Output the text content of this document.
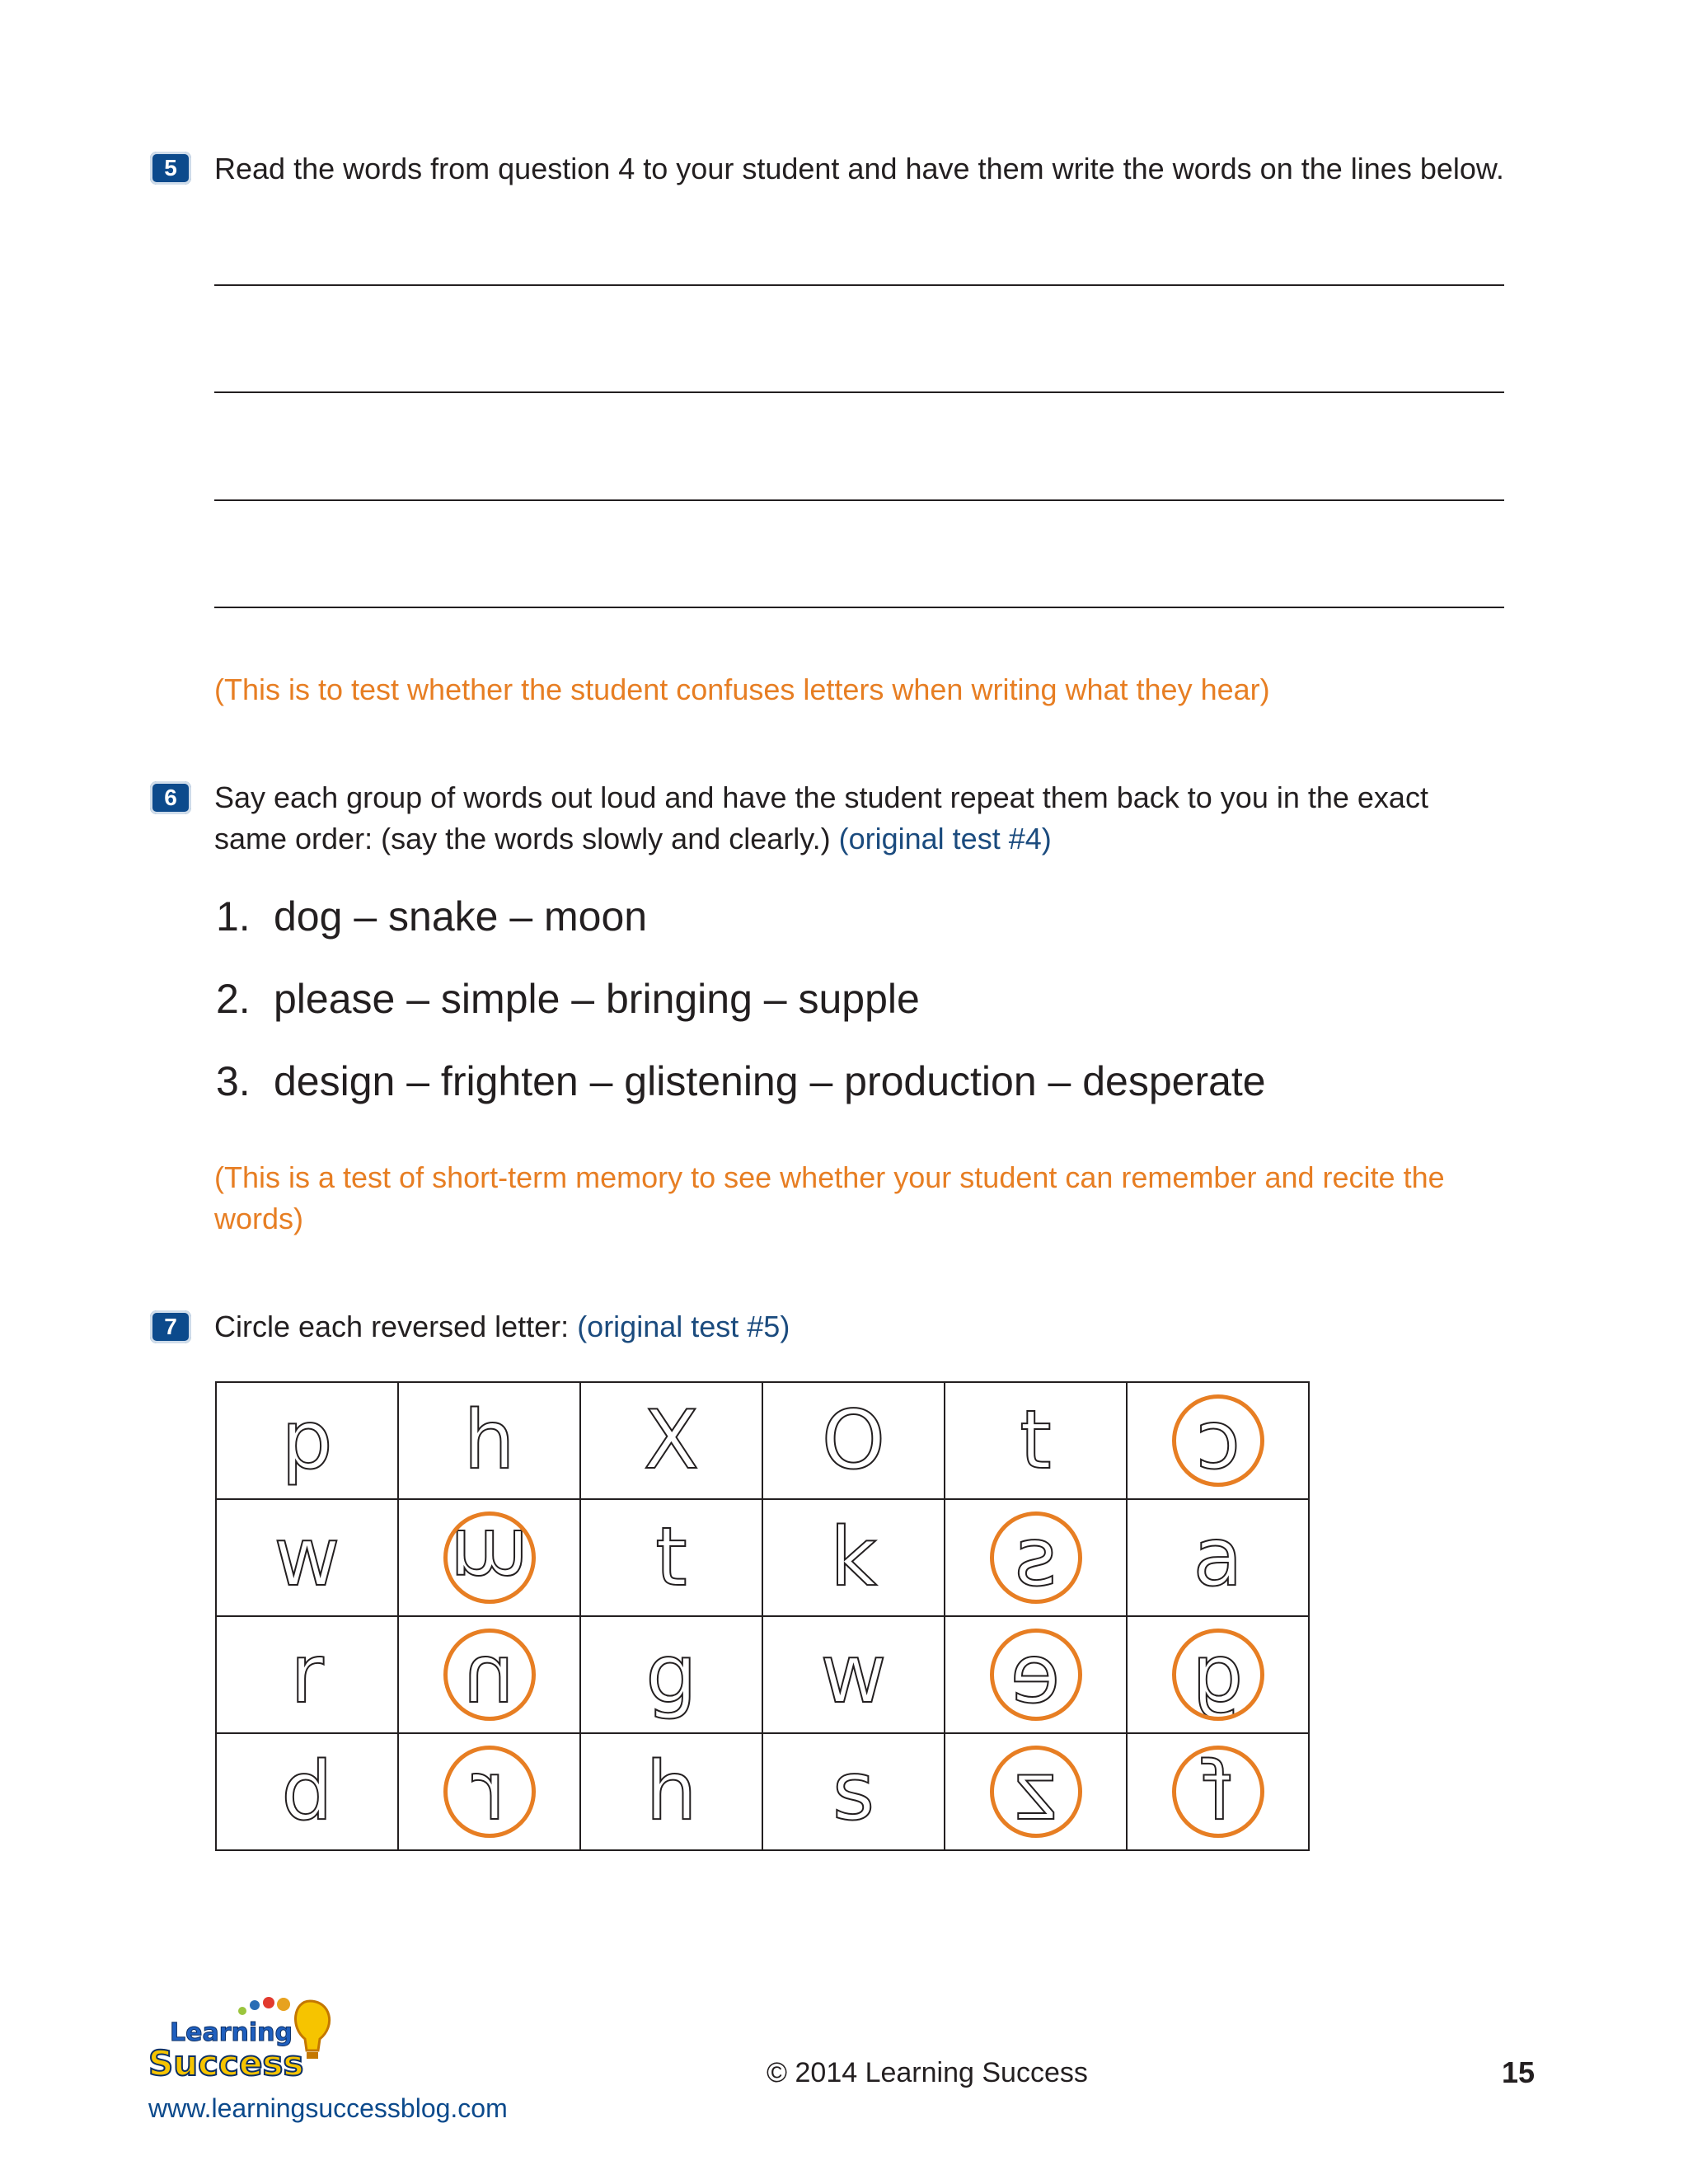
5	Read the words from question 4 to your student and have them write the words on the lines below.
(This is to test whether the student confuses letters when writing what they hear)
6	Say each group of words out loud and have the student repeat them back to you in the exact
same order: (say the words slowly and clearly.) (original test #4)
1. dog – snake – moon
2. please – simple – bringing – supple
3. design – frighten – glistening – production – desperate
(This is a test of short-term memory to see whether your student can remember and recite the
words)
7	Circle each reversed letter: (original test #5)
p	h	X	O	t	c

w	m	t	k	s	a
r	n	g	w	e	g

d	r	h	s	z	f
Learning
Success
www.learningsuccessblog.com
© 2014 Learning Success	15
